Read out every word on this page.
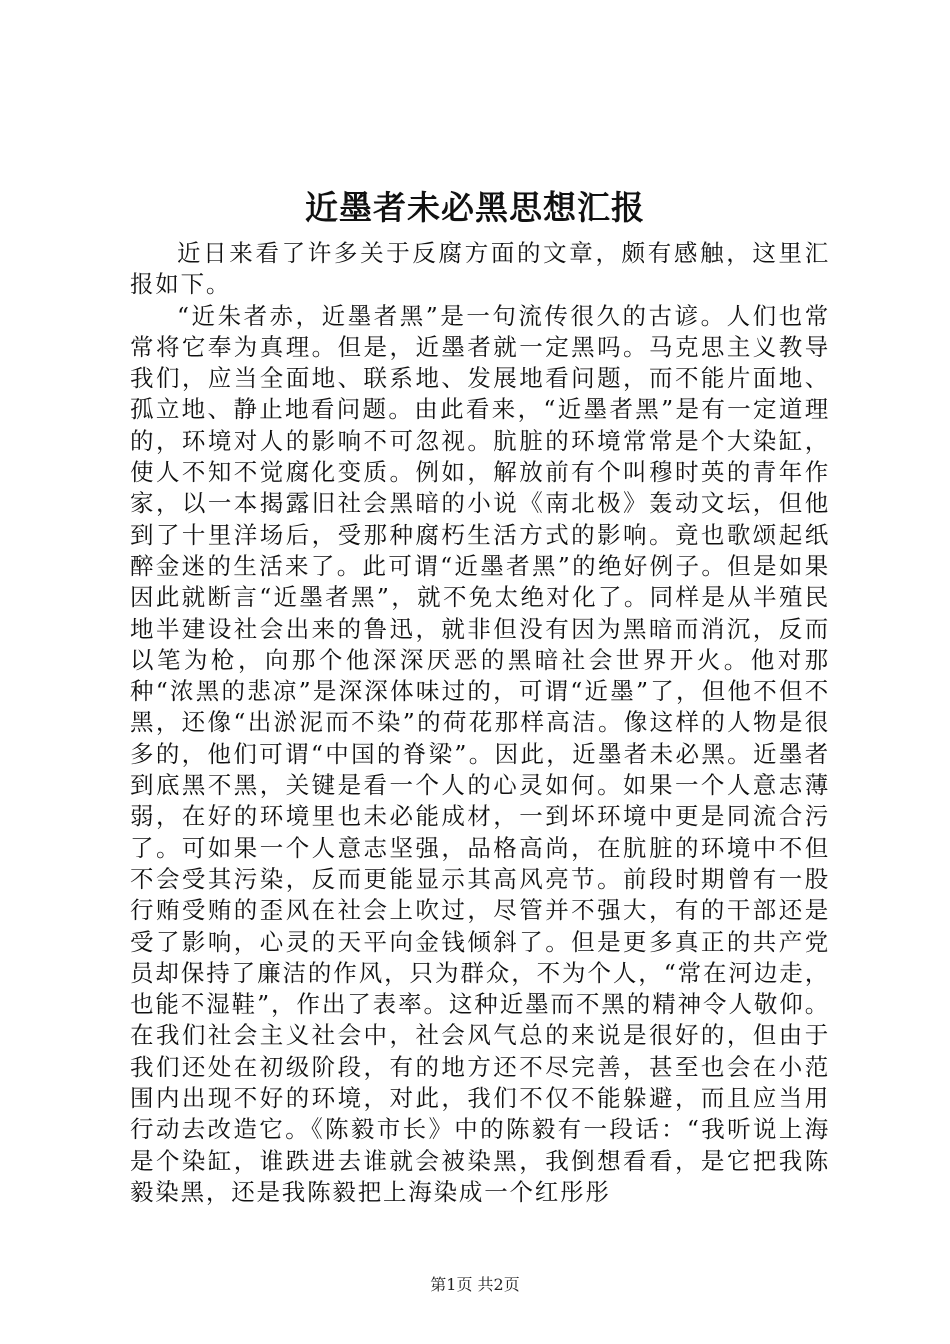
近墨者未必黑思想汇报

近日来看了许多关于反腐方面的文章，颇有感触，这里汇报如下。

“近朱者赤，近墨者黑”是一句流传很久的古谚。人们也常常将它奉为真理。但是，近墨者就一定黑吗。马克思主义教导我们，应当全面地、联系地、发展地看问题，而不能片面地、孤立地、静止地看问题。由此看来，“近墨者黑”是有一定道理的，环境对人的影响不可忽视。肮脏的环境常常是个大染缸，使人不知不觉腐化变质。例如，解放前有个叫穆时英的青年作家，以一本揭露旧社会黑暗的小说《南北极》轰动文坛，但他到了十里洋场后，受那种腐朽生活方式的影响。竟也歌颂起纸醉金迷的生活来了。此可谓“近墨者黑”的绝好例子。但是如果因此就断言“近墨者黑”，就不免太绝对化了。同样是从半殖民地半建设社会出来的鲁迅，就非但没有因为黑暗而消沉，反而以笔为枪，向那个他深深厌恶的黑暗社会世界开火。他对那种“浓黑的悲凉”是深深体味过的，可谓“近墨”了，但他不但不黑，还像“出淤泥而不染”的荷花那样高洁。像这样的人物是很多的，他们可谓“中国的脊梁”。因此，近墨者未必黑。近墨者到底黑不黑，关键是看一个人的心灵如何。如果一个人意志薄弱，在好的环境里也未必能成材，一到坏环境中更是同流合污了。可如果一个人意志坚强，品格高尚，在肮脏的环境中不但不会受其污染，反而更能显示其高风亮节。前段时期曾有一股行贿受贿的歪风在社会上吹过，尽管并不强大，有的干部还是受了影响，心灵的天平向金钱倾斜了。但是更多真正的共产党员却保持了廉洁的作风，只为群众，不为个人，“常在河边走，也能不湿鞋”，作出了表率。这种近墨而不黑的精神令人敬仰。在我们社会主义社会中，社会风气总的来说是很好的，但由于我们还处在初级阶段，有的地方还不尽完善，甚至也会在小范围内出现不好的环境，对此，我们不仅不能躲避，而且应当用行动去改造它。《陈毅市长》中的陈毅有一段话：“我听说上海是个染缸，谁跌进去谁就会被染黑，我倒想看看，是它把我陈毅染黑，还是我陈毅把上海染成一个红彤彤

第1页 共2页
